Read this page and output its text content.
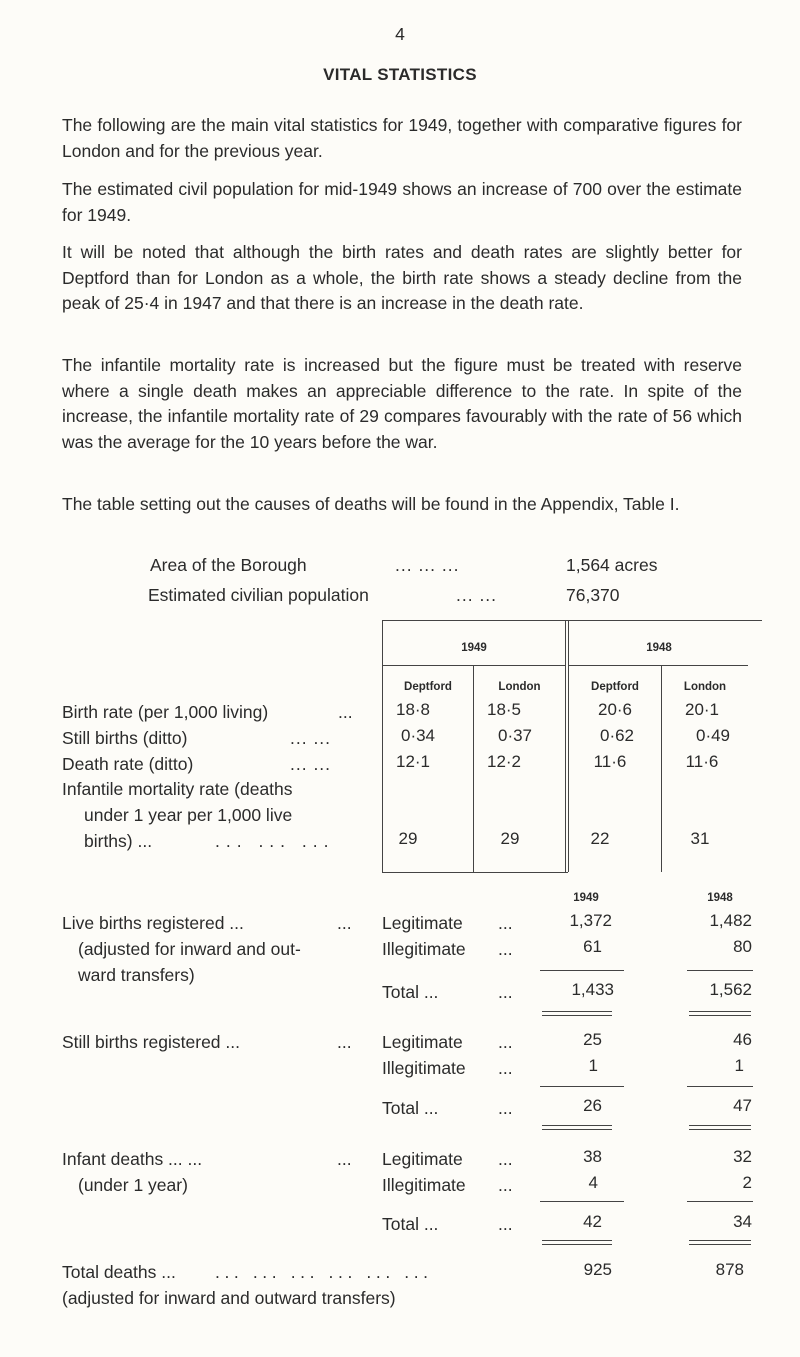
4
VITAL STATISTICS
The following are the main vital statistics for 1949, together with comparative figures for London and for the previous year.
The estimated civil population for mid-1949 shows an increase of 700 over the estimate for 1949.
It will be noted that although the birth rates and death rates are slightly better for Deptford than for London as a whole, the birth rate shows a steady decline from the peak of 25·4 in 1947 and that there is an increase in the death rate.
The infantile mortality rate is increased but the figure must be treated with reserve where a single death makes an appreciable difference to the rate. In spite of the increase, the infantile mortality rate of 29 compares favourably with the rate of 56 which was the average for the 10 years before the war.
The table setting out the causes of deaths will be found in the Appendix, Table I.
Area of the Borough	... ... ...	1,564 acres
Estimated civilian population	... ...	76,370
1949	1948
Deptford	London	Deptford	London
Birth rate (per 1,000 living)	...	18·8	18·5	20·6	20·1
Still births (ditto)	... ...	0·34	0·37	0·62	0·49
Death rate (ditto)	... ...	12·1	12·2	11·6	11·6
Infantile mortality rate (deaths
under 1 year per 1,000 live
births) ...	... ... ...	29	29	22	31
1949	1948
Live births registered ...	...
(adjusted for inward and out-
ward transfers)
Legitimate ...	1,372	1,482
Illegitimate ...	61	80
Total ...	...	1,433	1,562
Still births registered ...	... Legitimate ...	25	46
Illegitimate ...	1	1
Total ...	...	26	47
Infant deaths ... ...	...
(under 1 year)
Legitimate ...	38	32
Illegitimate ...	4	2
Total ...	...	42	34
Total deaths ... ... ... ... ... ... ...
(adjusted for inward and outward transfers)
925	878
